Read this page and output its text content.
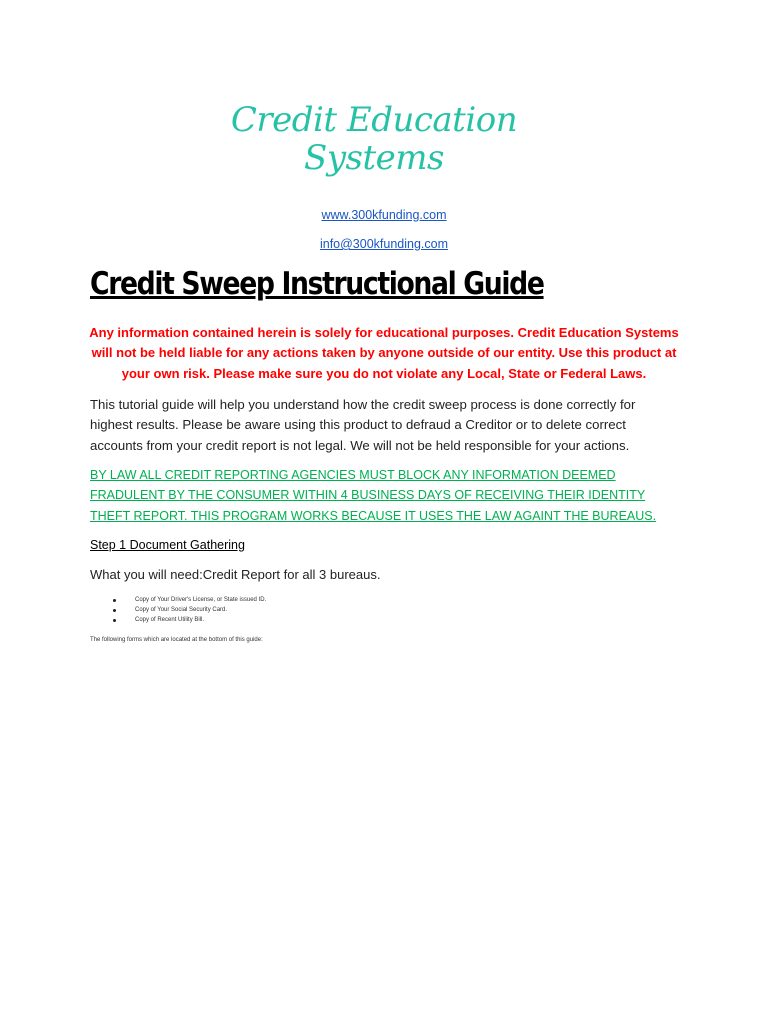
Credit Education
Systems
www.300kfunding.com
info@300kfunding.com
Credit Sweep Instructional Guide
Any information contained herein is solely for educational purposes. Credit Education Systems will not be held liable for any actions taken by anyone outside of our entity. Use this product at your own risk. Please make sure you do not violate any Local, State or Federal Laws.
This tutorial guide will help you understand how the credit sweep process is done correctly for highest results. Please be aware using this product to defraud a Creditor or to delete correct accounts from your credit report is not legal. We will not be held responsible for your actions.
BY LAW ALL CREDIT REPORTING AGENCIES MUST BLOCK ANY INFORMATION DEEMED FRADULENT BY THE CONSUMER WITHIN 4 BUSINESS DAYS OF RECEIVING THEIR IDENTITY THEFT REPORT. THIS PROGRAM WORKS BECAUSE IT USES THE LAW AGAINT THE BUREAUS.
Step 1 Document Gathering
What you will need:Credit Report for all 3 bureaus.
Copy of Your Driver's License, or State issued ID.
Copy of Your Social Security Card.
Copy of Recent Utility Bill.
The following forms which are located at the bottom of this guide:
